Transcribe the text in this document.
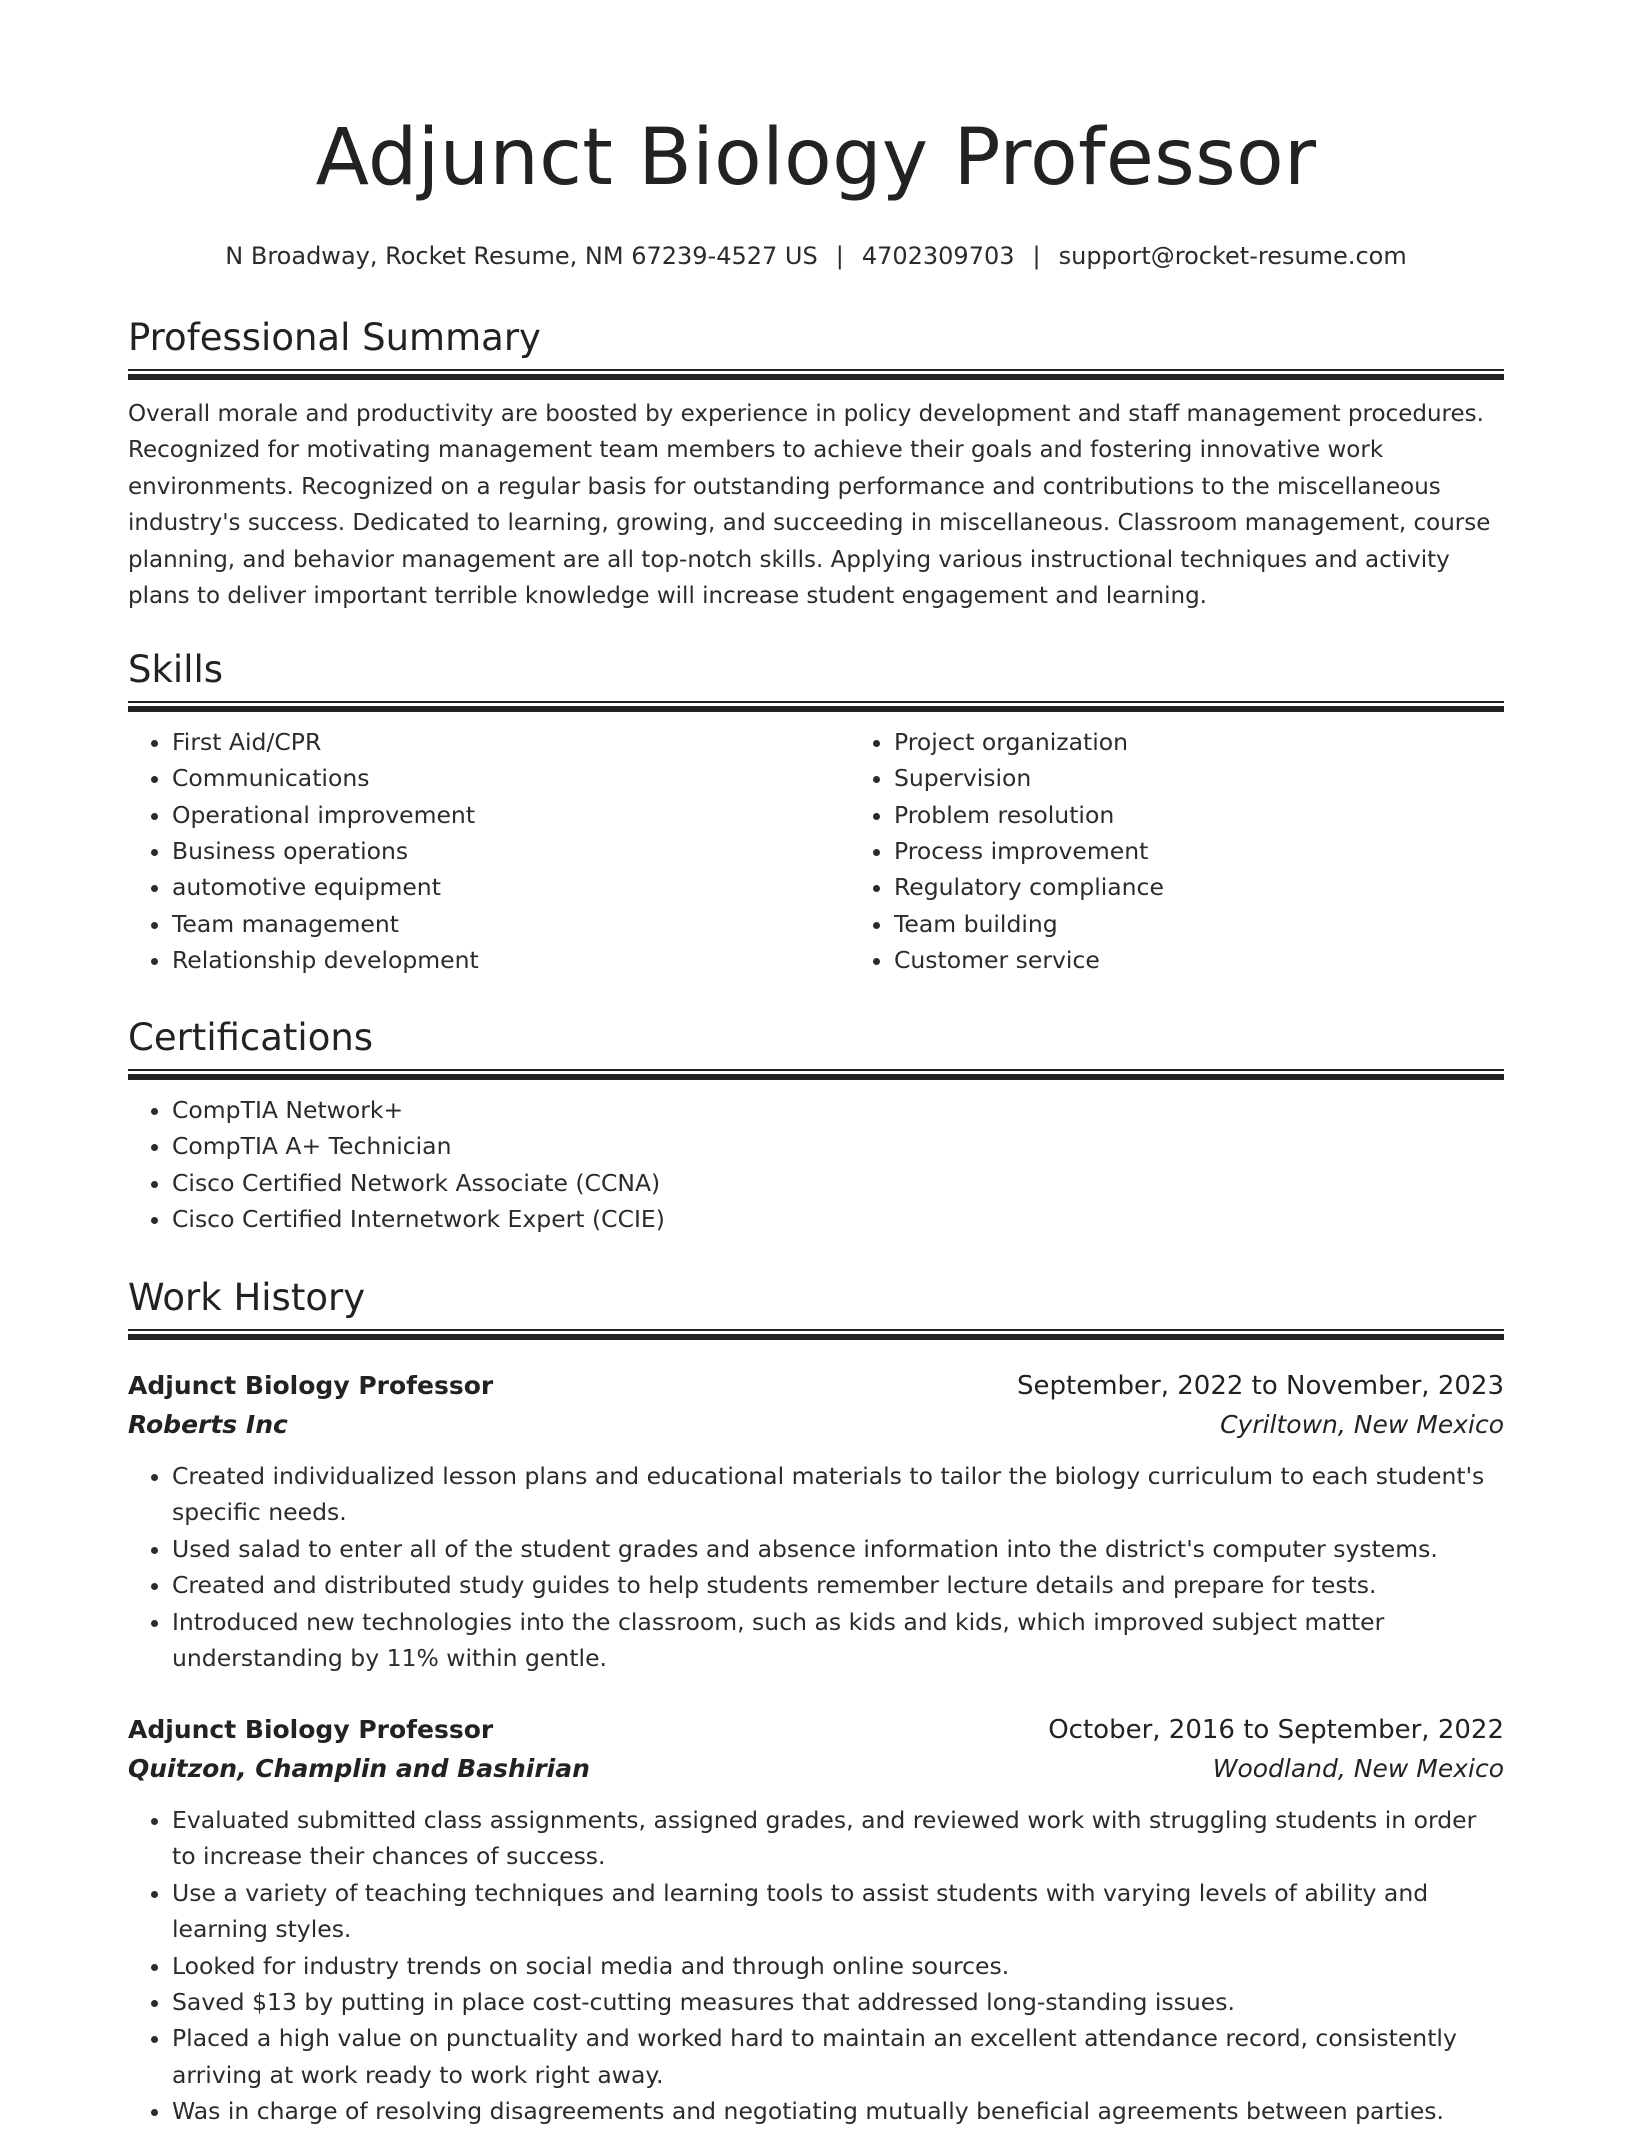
Adjunct Biology Professor
N Broadway, Rocket Resume, NM 67239-4527 US | 4702309703 | support@rocket-resume.com
Professional Summary
Overall morale and productivity are boosted by experience in policy development and staff management procedures. Recognized for motivating management team members to achieve their goals and fostering innovative work environments. Recognized on a regular basis for outstanding performance and contributions to the miscellaneous industry's success. Dedicated to learning, growing, and succeeding in miscellaneous. Classroom management, course planning, and behavior management are all top-notch skills. Applying various instructional techniques and activity plans to deliver important terrible knowledge will increase student engagement and learning.
Skills
• First Aid/CPR
• Communications
• Operational improvement
• Business operations
• automotive equipment
• Team management
• Relationship development
• Project organization
• Supervision
• Problem resolution
• Process improvement
• Regulatory compliance
• Team building
• Customer service
Certifications
• CompTIA Network+
• CompTIA A+ Technician
• Cisco Certified Network Associate (CCNA)
• Cisco Certified Internetwork Expert (CCIE)
Work History
Adjunct Biology Professor	September, 2022 to November, 2023
Roberts Inc	Cyriltown, New Mexico
• Created individualized lesson plans and educational materials to tailor the biology curriculum to each student's specific needs.
• Used salad to enter all of the student grades and absence information into the district's computer systems.
• Created and distributed study guides to help students remember lecture details and prepare for tests.
• Introduced new technologies into the classroom, such as kids and kids, which improved subject matter understanding by 11% within gentle.
Adjunct Biology Professor	October, 2016 to September, 2022
Quitzon, Champlin and Bashirian	Woodland, New Mexico
• Evaluated submitted class assignments, assigned grades, and reviewed work with struggling students in order to increase their chances of success.
• Use a variety of teaching techniques and learning tools to assist students with varying levels of ability and learning styles.
• Looked for industry trends on social media and through online sources.
• Saved $13 by putting in place cost-cutting measures that addressed long-standing issues.
• Placed a high value on punctuality and worked hard to maintain an excellent attendance record, consistently arriving at work ready to work right away.
• Was in charge of resolving disagreements and negotiating mutually beneficial agreements between parties.
